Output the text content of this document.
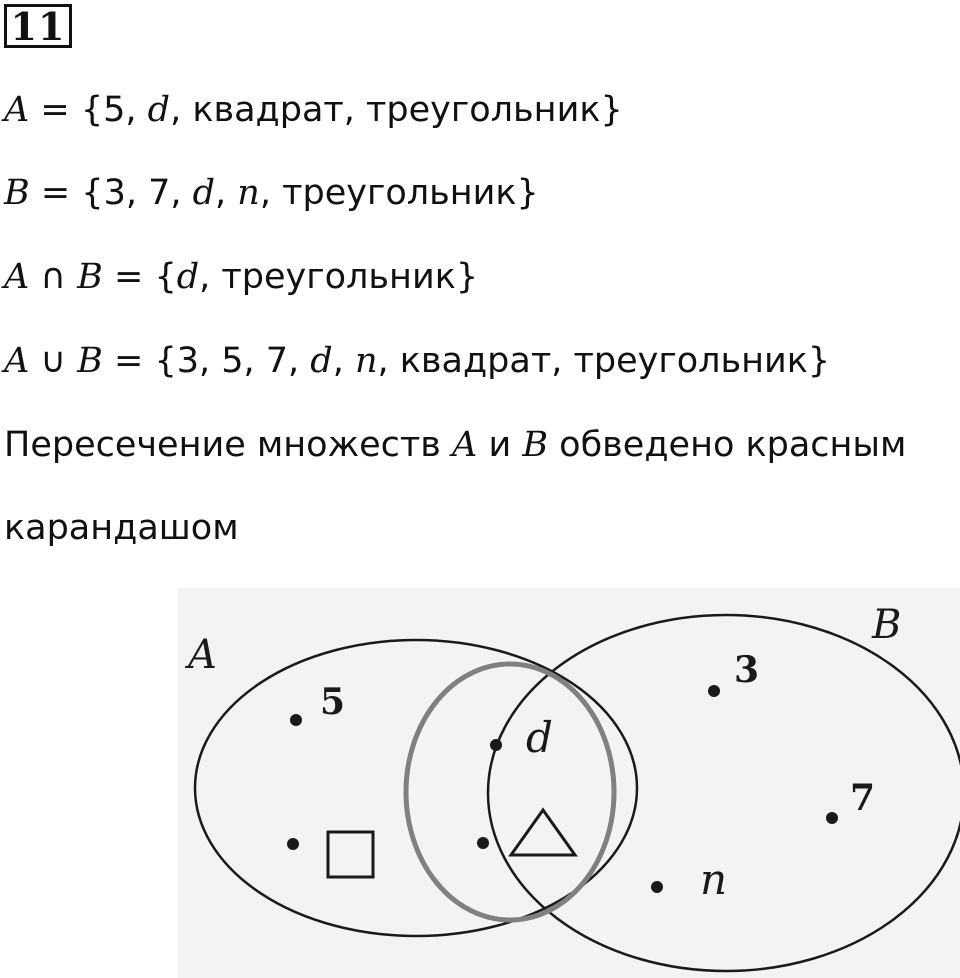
11
A = {5, d, квадрат, треугольник}
B = {3, 7, d, n, треугольник}
A ∩ B = {d, треугольник}
A ∪ B = {3, 5, 7, d, n, квадрат, треугольник}
Пересечение множеств A и B обведено красным
карандашом
A
B
5
d
3
7
n
